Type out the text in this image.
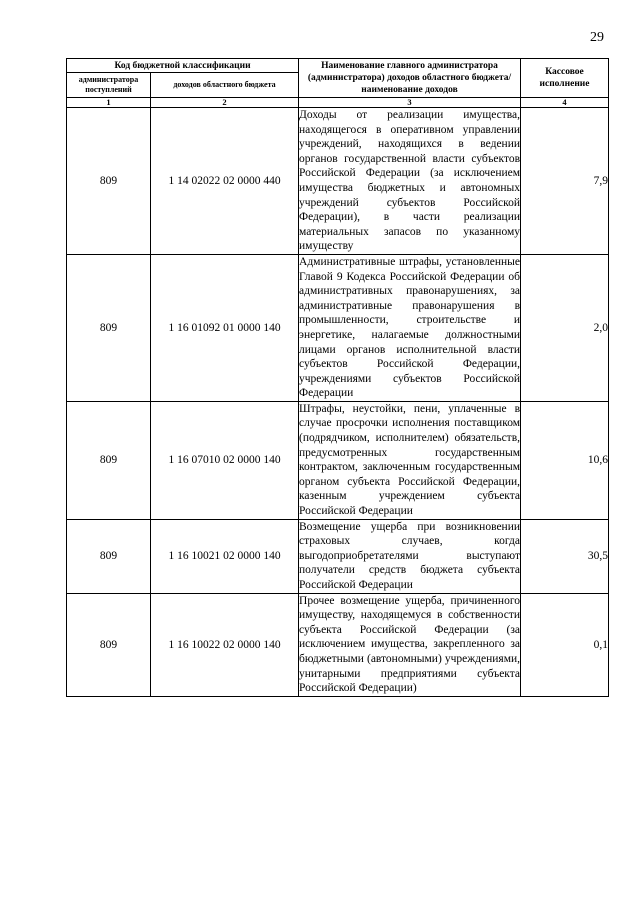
29
Код бюджетной классификации		Наименование главного администратора (администратора) доходов областного бюджета/ наименование доходов	Кассовое исполнение
администратора поступлений	доходов областного бюджета		
1	2	3	4
809	1 14 02022 02 0000 440	Доходы от реализации имущества, находящегося в оперативном управлении учреждений, находящихся в ведении органов государственной власти субъектов Российской Федерации (за исключением имущества бюджетных и автономных учреждений субъектов Российской Федерации), в части реализации материальных запасов по указанному имуществу	7,9
809	1 16 01092 01 0000 140	Административные штрафы, установленные Главой 9 Кодекса Российской Федерации об административных правонарушениях, за административные правонарушения в промышленности, строительстве и энергетике, налагаемые должностными лицами органов исполнительной власти субъектов Российской Федерации, учреждениями субъектов Российской Федерации	2,0
809	1 16 07010 02 0000 140	Штрафы, неустойки, пени, уплаченные в случае просрочки исполнения поставщиком (подрядчиком, исполнителем) обязательств, предусмотренных государственным контрактом, заключенным государственным органом субъекта Российской Федерации, казенным учреждением субъекта Российской Федерации	10,6
809	1 16 10021 02 0000 140	Возмещение ущерба при возникновении страховых случаев, когда выгодоприобретателями выступают получатели средств бюджета субъекта Российской Федерации	30,5
809	1 16 10022 02 0000 140	Прочее возмещение ущерба, причиненного имуществу, находящемуся в собственности субъекта Российской Федерации (за исключением имущества, закрепленного за бюджетными (автономными) учреждениями, унитарными предприятиями субъекта Российской Федерации)	0,1
